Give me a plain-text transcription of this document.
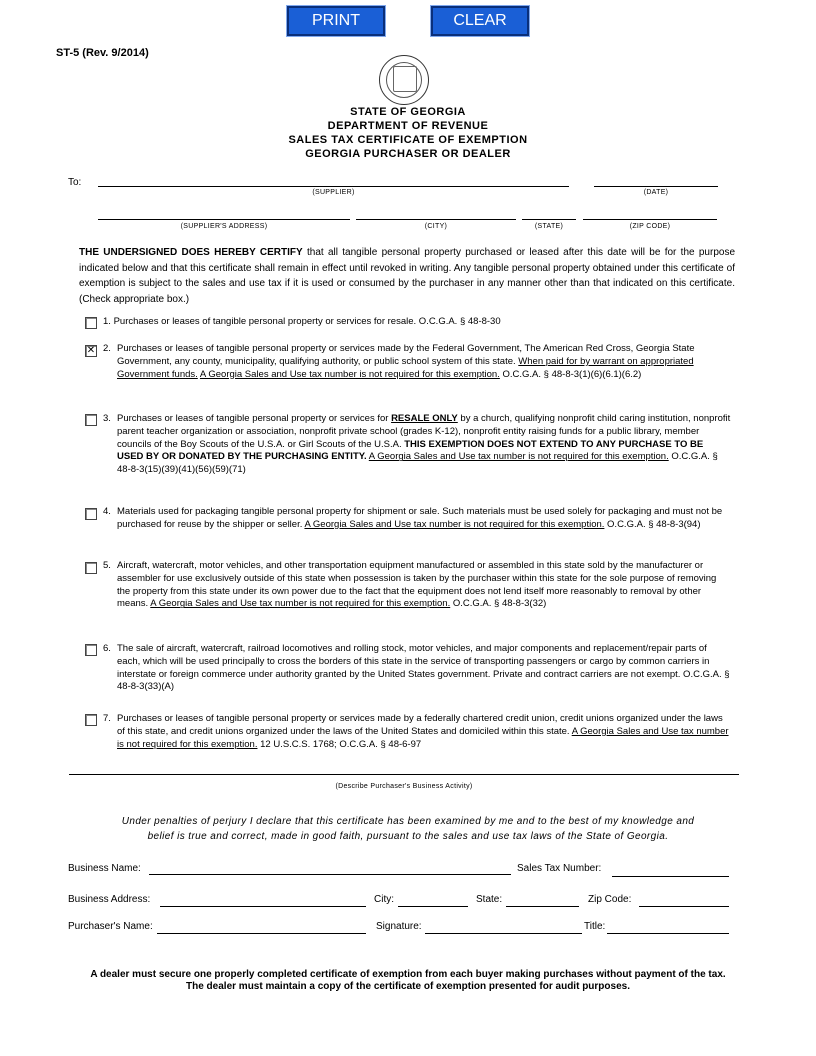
PRINT	CLEAR
ST-5 (Rev. 9/2014)
STATE OF GEORGIA
DEPARTMENT OF REVENUE
SALES TAX CERTIFICATE OF EXEMPTION
GEORGIA PURCHASER OR DEALER
To:
(SUPPLIER)	(DATE)
(SUPPLIER'S ADDRESS)	(CITY)	(STATE)	(ZIP CODE)
THE UNDERSIGNED DOES HEREBY CERTIFY that all tangible personal property purchased or leased after this date will be for the purpose indicated below and that this certificate shall remain in effect until revoked in writing. Any tangible personal property obtained under this certificate of exemption is subject to the sales and use tax if it is used or consumed by the purchaser in any manner other than that indicated on this certificate. (Check appropriate box.)
1. Purchases or leases of tangible personal property or services for resale. O.C.G.A. § 48-8-30
✕ 2. Purchases or leases of tangible personal property or services made by the Federal Government, The American Red Cross, Georgia State Government, any county, municipality, qualifying authority, or public school system of this state. When paid for by warrant on appropriated Government funds. A Georgia Sales and Use tax number is not required for this exemption. O.C.G.A. § 48-8-3(1)(6)(6.1)(6.2)
3. Purchases or leases of tangible personal property or services for RESALE ONLY by a church, qualifying nonprofit child caring institution, nonprofit parent teacher organization or association, nonprofit private school (grades K-12), nonprofit entity raising funds for a public library, member councils of the Boy Scouts of the U.S.A. or Girl Scouts of the U.S.A. THIS EXEMPTION DOES NOT EXTEND TO ANY PURCHASE TO BE USED BY OR DONATED BY THE PURCHASING ENTITY. A Georgia Sales and Use tax number is not required for this exemption. O.C.G.A. § 48-8-3(15)(39)(41)(56)(59)(71)
4. Materials used for packaging tangible personal property for shipment or sale. Such materials must be used solely for packaging and must not be purchased for reuse by the shipper or seller. A Georgia Sales and Use tax number is not required for this exemption. O.C.G.A. § 48-8-3(94)
5. Aircraft, watercraft, motor vehicles, and other transportation equipment manufactured or assembled in this state sold by the manufacturer or assembler for use exclusively outside of this state when possession is taken by the purchaser within this state for the sole purpose of removing the property from this state under its own power due to the fact that the equipment does not lend itself more reasonably to removal by other means. A Georgia Sales and Use tax number is not required for this exemption. O.C.G.A. § 48-8-3(32)
6. The sale of aircraft, watercraft, railroad locomotives and rolling stock, motor vehicles, and major components and replacement/repair parts of each, which will be used principally to cross the borders of this state in the service of transporting passengers or cargo by common carriers in interstate or foreign commerce under authority granted by the United States government. Private and contract carriers are not exempt. O.C.G.A. § 48-8-3(33)(A)
7. Purchases or leases of tangible personal property or services made by a federally chartered credit union, credit unions organized under the laws of this state, and credit unions organized under the laws of the United States and domiciled within this state. A Georgia Sales and Use tax number is not required for this exemption. 12 U.S.C.S. 1768; O.C.G.A. § 48-6-97
(Describe Purchaser's Business Activity)
Under penalties of perjury I declare that this certificate has been examined by me and to the best of my knowledge and
belief is true and correct, made in good faith, pursuant to the sales and use tax laws of the State of Georgia.
Business Name:	Sales Tax Number:
Business Address:	City:	State:	Zip Code:
Purchaser's Name:	Signature:	Title:
A dealer must secure one properly completed certificate of exemption from each buyer making purchases without payment of the tax.
The dealer must maintain a copy of the certificate of exemption presented for audit purposes.
